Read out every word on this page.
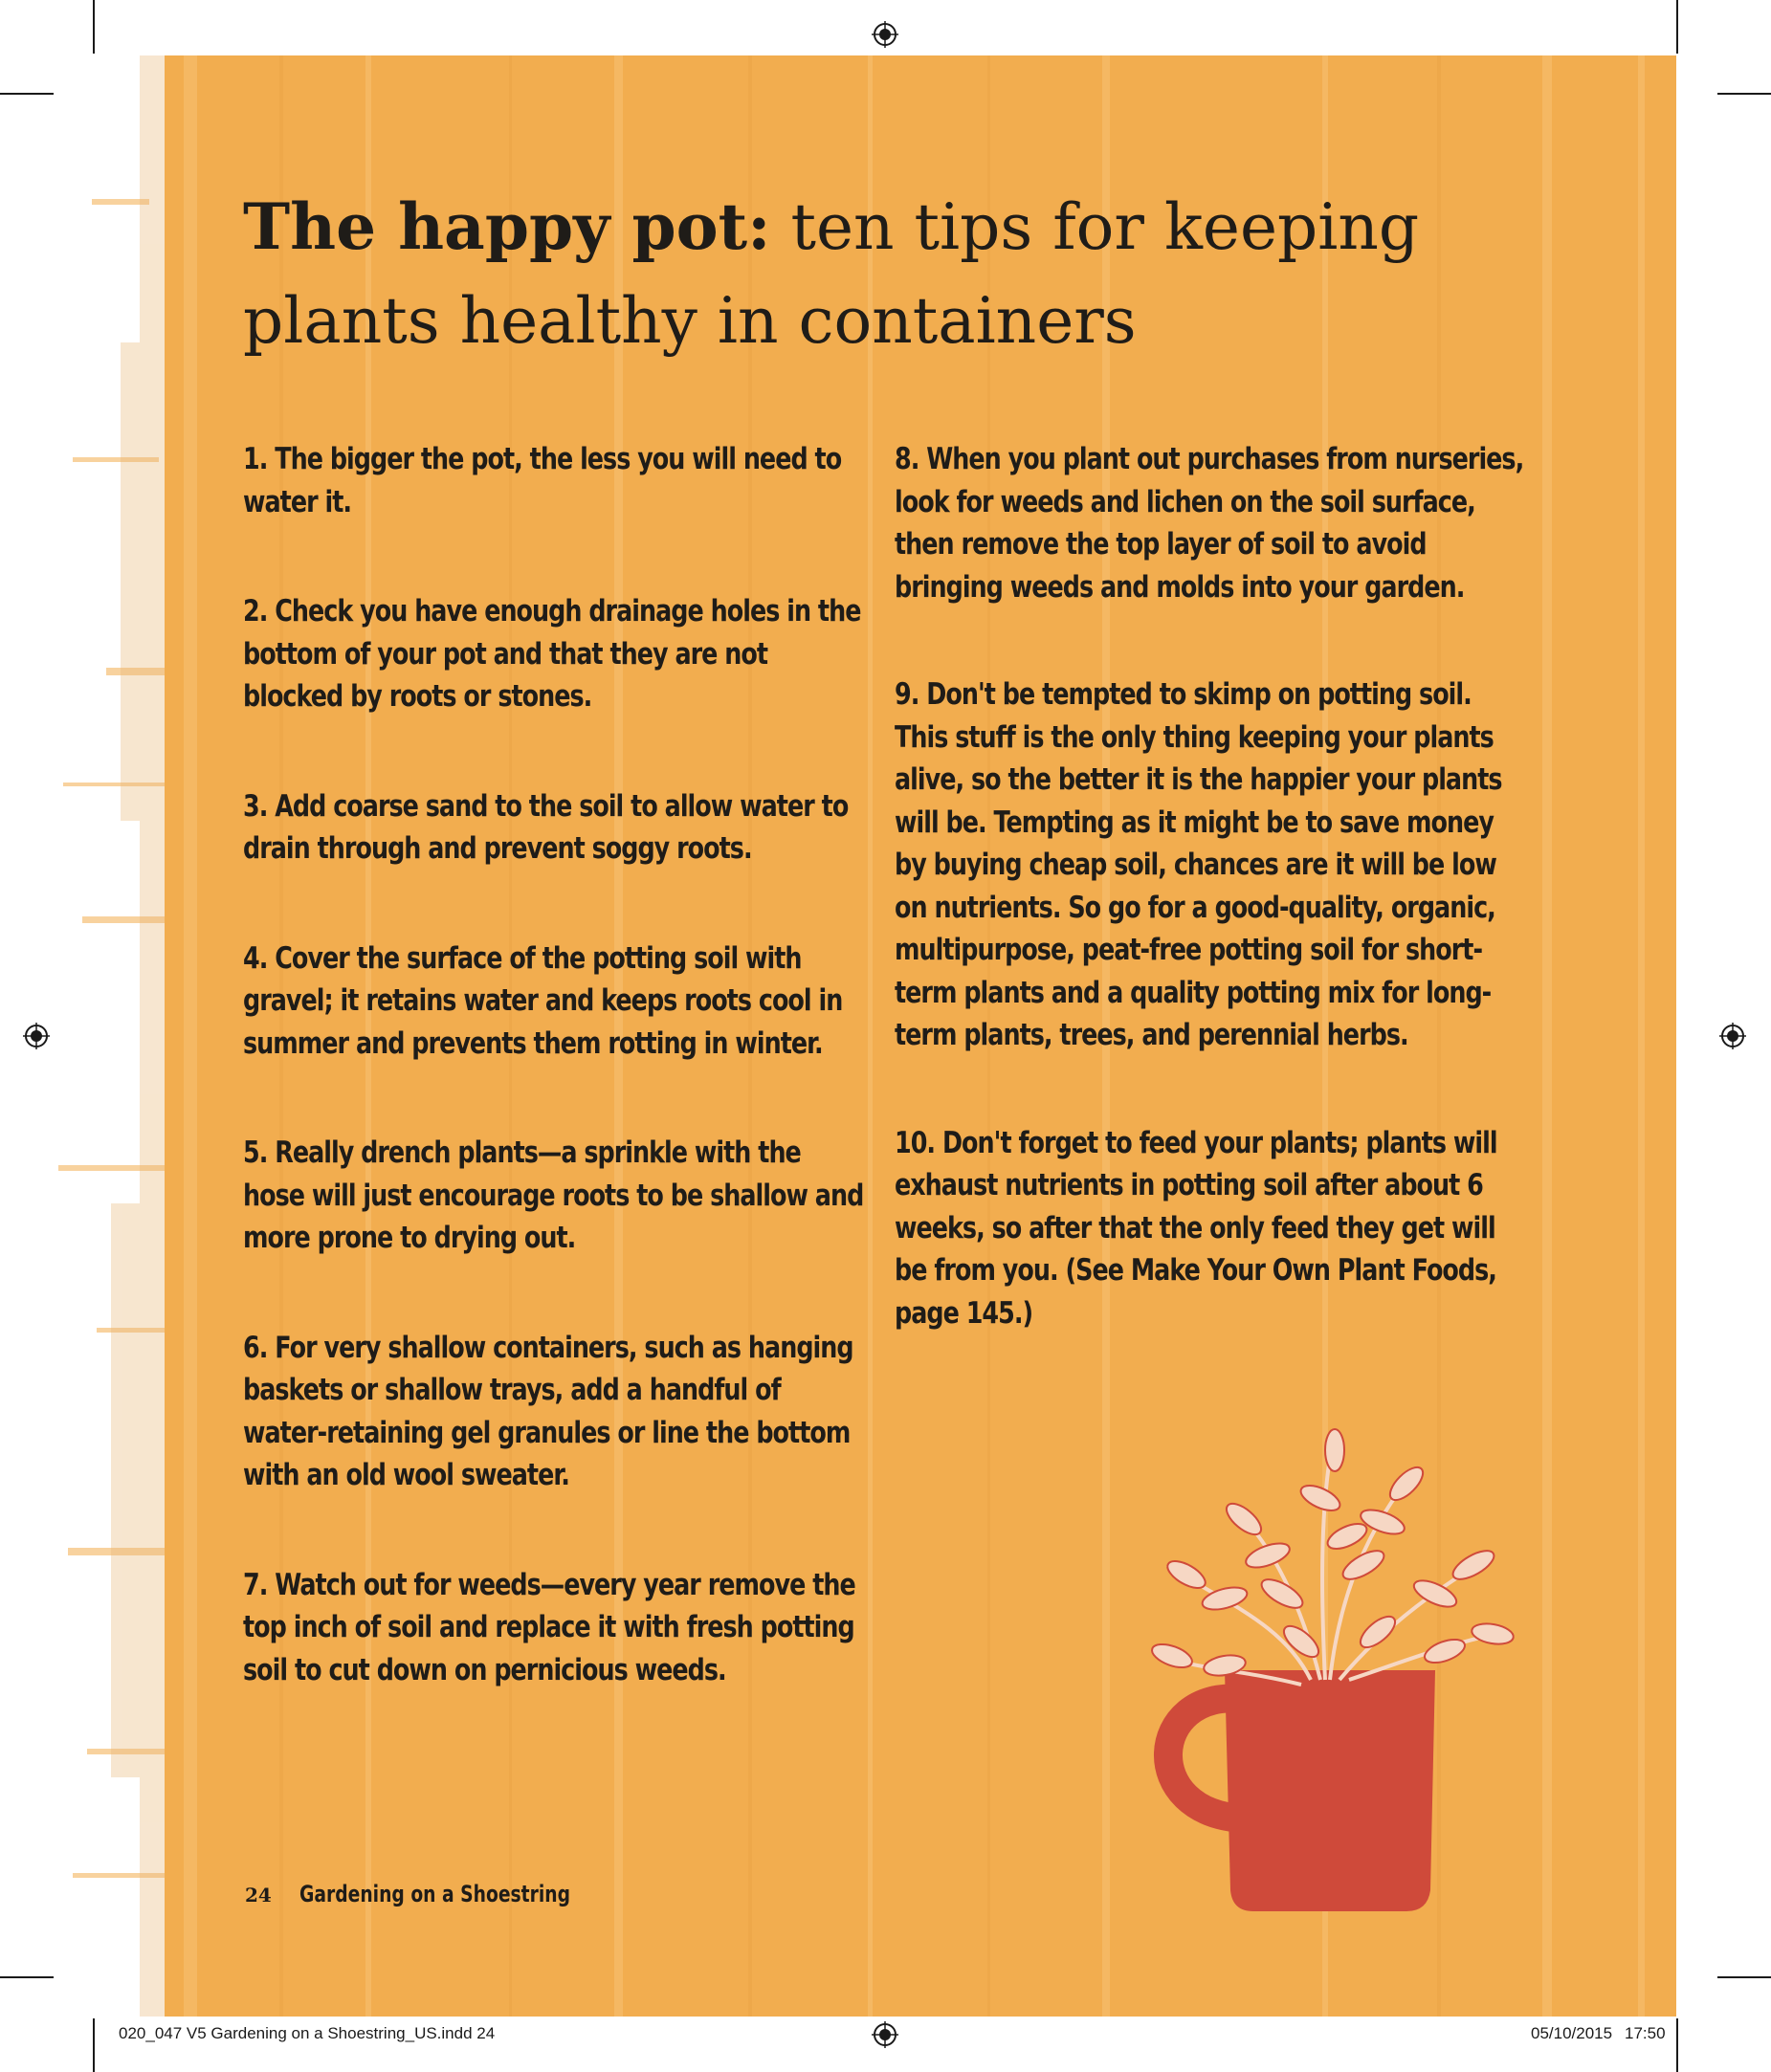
The happy pot: ten tips for keeping plants healthy in containers

1. The bigger the pot, the less you will need to water it.

2. Check you have enough drainage holes in the bottom of your pot and that they are not blocked by roots or stones.

3. Add coarse sand to the soil to allow water to drain through and prevent soggy roots.

4. Cover the surface of the potting soil with gravel; it retains water and keeps roots cool in summer and prevents them rotting in winter.

5. Really drench plants—a sprinkle with the hose will just encourage roots to be shallow and more prone to drying out.

6. For very shallow containers, such as hanging baskets or shallow trays, add a handful of water-retaining gel granules or line the bottom with an old wool sweater.

7. Watch out for weeds—every year remove the top inch of soil and replace it with fresh potting soil to cut down on pernicious weeds.

8. When you plant out purchases from nurseries, look for weeds and lichen on the soil surface, then remove the top layer of soil to avoid bringing weeds and molds into your garden.

9. Don't be tempted to skimp on potting soil. This stuff is the only thing keeping your plants alive, so the better it is the happier your plants will be. Tempting as it might be to save money by buying cheap soil, chances are it will be low on nutrients. So go for a good-quality, organic, multipurpose, peat-free potting soil for short-term plants and a quality potting mix for long-term plants, trees, and perennial herbs.

10. Don't forget to feed your plants; plants will exhaust nutrients in potting soil after about 6 weeks, so after that the only feed they get will be from you. (See Make Your Own Plant Foods, page 145.)

24 Gardening on a Shoestring
020_047 V5 Gardening on a Shoestring_US.indd 24	05/10/2015 17:50
